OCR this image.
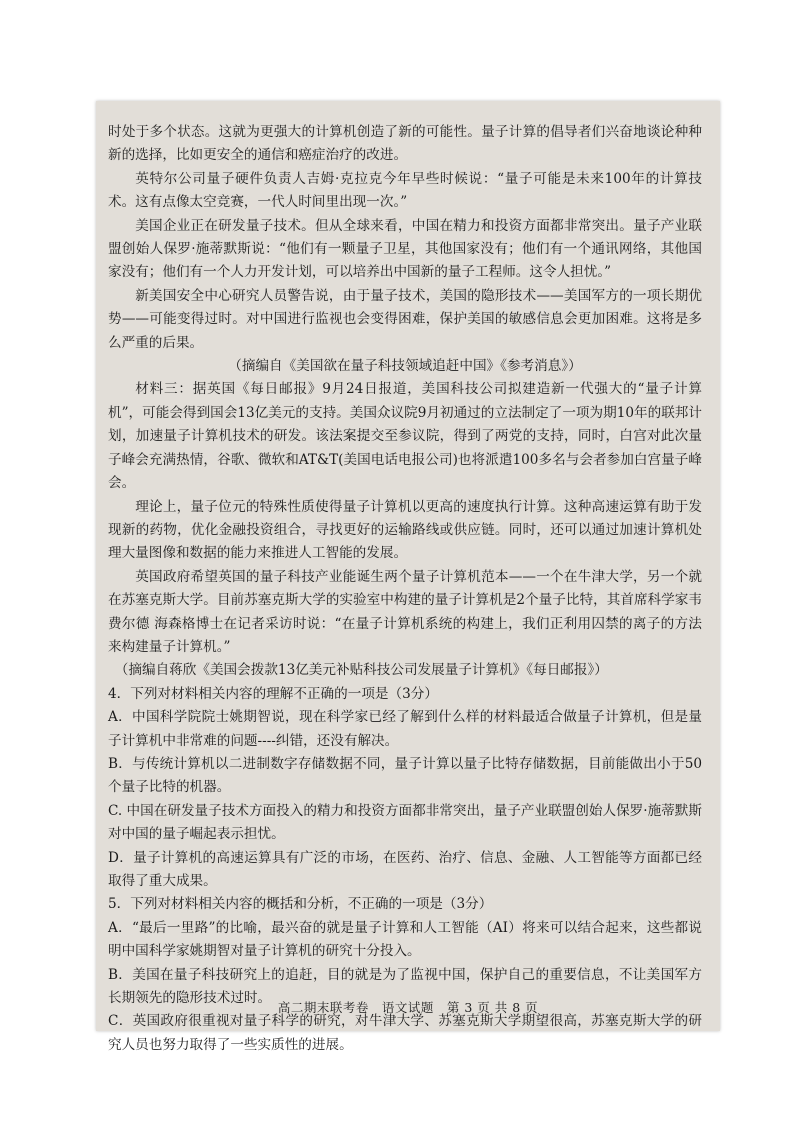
时处于多个状态。这就为更强大的计算机创造了新的可能性。量子计算的倡导者们兴奋地谈论种种新的选择，比如更安全的通信和癌症治疗的改进。

英特尔公司量子硬件负责人吉姆·克拉克今年早些时候说：“量子可能是未来100年的计算技术。这有点像太空竞赛，一代人时间里出现一次。”

美国企业正在研发量子技术。但从全球来看，中国在精力和投资方面都非常突出。量子产业联盟创始人保罗·施蒂默斯说：“他们有一颗量子卫星，其他国家没有；他们有一个通讯网络，其他国家没有；他们有一个人力开发计划，可以培养出中国新的量子工程师。这令人担忧。”

新美国安全中心研究人员警告说，由于量子技术，美国的隐形技术——美国军方的一项长期优势——可能变得过时。对中国进行监视也会变得困难，保护美国的敏感信息会更加困难。这将是多么严重的后果。

（摘编自《美国欲在量子科技领域追赶中国》《参考消息》）

材料三：据英国《每日邮报》9月24日报道，美国科技公司拟建造新一代强大的“量子计算机”，可能会得到国会13亿美元的支持。美国众议院9月初通过的立法制定了一项为期10年的联邦计划，加速量子计算机技术的研发。该法案提交至参议院，得到了两党的支持，同时，白宫对此次量子峰会充满热情，谷歌、微软和AT&T(美国电话电报公司)也将派遣100多名与会者参加白宫量子峰会。

理论上，量子位元的特殊性质使得量子计算机以更高的速度执行计算。这种高速运算有助于发现新的药物，优化金融投资组合，寻找更好的运输路线或供应链。同时，还可以通过加速计算机处理大量图像和数据的能力来推进人工智能的发展。

英国政府希望英国的量子科技产业能诞生两个量子计算机范本——一个在牛津大学，另一个就在苏塞克斯大学。目前苏塞克斯大学的实验室中构建的量子计算机是2个量子比特，其首席科学家韦费尔德 海森格博士在记者采访时说：“在量子计算机系统的构建上，我们正利用囚禁的离子的方法来构建量子计算机。”

（摘编自蒋欣《美国会拨款13亿美元补贴科技公司发展量子计算机》《每日邮报》）

4．下列对材料相关内容的理解不正确的一项是（3分）

A．中国科学院院士姚期智说，现在科学家已经了解到什么样的材料最适合做量子计算机，但是量子计算机中非常难的问题----纠错，还没有解决。

B．与传统计算机以二进制数字存储数据不同，量子计算以量子比特存储数据，目前能做出小于50个量子比特的机器。

C. 中国在研发量子技术方面投入的精力和投资方面都非常突出，量子产业联盟创始人保罗·施蒂默斯对中国的量子崛起表示担忧。

D．量子计算机的高速运算具有广泛的市场，在医药、治疗、信息、金融、人工智能等方面都已经取得了重大成果。

5．下列对材料相关内容的概括和分析，不正确的一项是（3分）

A．“最后一里路”的比喻，最兴奋的就是量子计算和人工智能（AI）将来可以结合起来，这些都说明中国科学家姚期智对量子计算机的研究十分投入。

B．美国在量子科技研究上的追赶，目的就是为了监视中国，保护自己的重要信息，不让美国军方长期领先的隐形技术过时。

C．英国政府很重视对量子科学的研究，对牛津大学、苏塞克斯大学期望很高，苏塞克斯大学的研究人员也努力取得了一些实质性的进展。

高二期末联考卷　语文试题　第 3 页 共 8 页
